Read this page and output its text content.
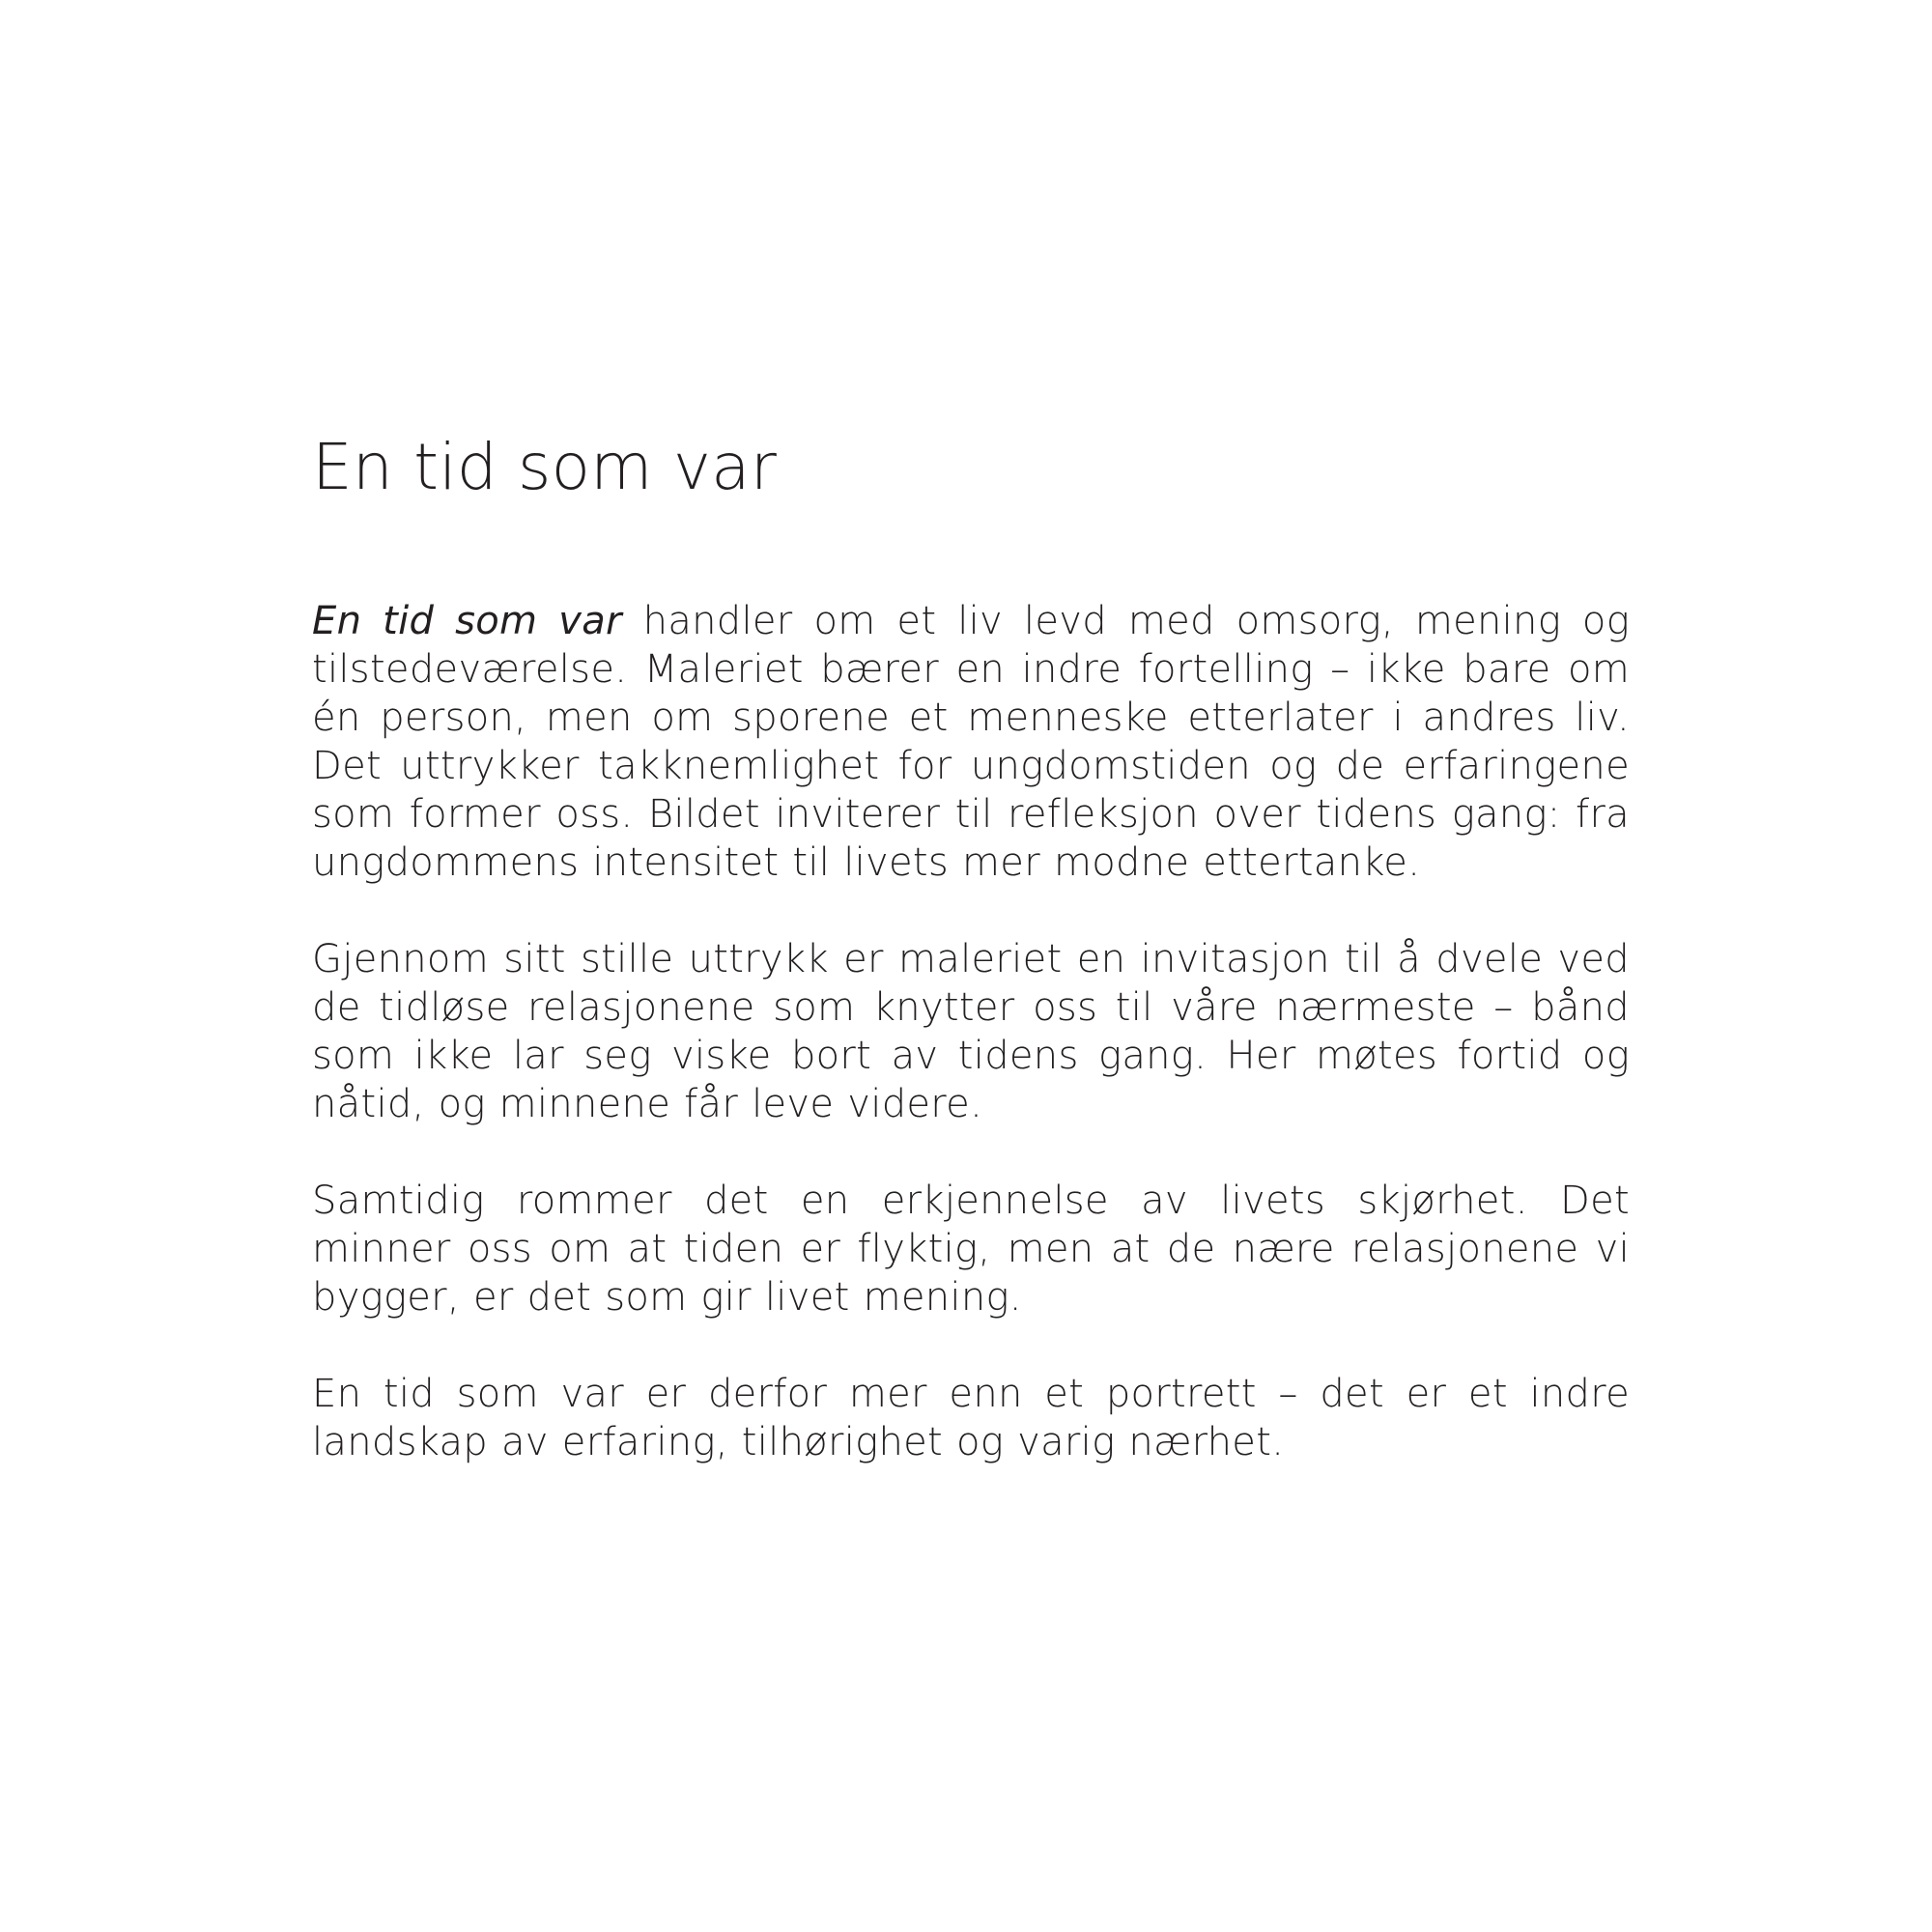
En tid som var

En tid som var handler om et liv levd med omsorg, mening og tilstedeværelse. Maleriet bærer en indre fortelling – ikke bare om én person, men om sporene et menneske etterlater i andres liv. Det uttrykker takknemlighet for ungdomstiden og de erfaringene som former oss. Bildet inviterer til refleksjon over tidens gang: fra ungdommens intensitet til livets mer modne ettertanke.

Gjennom sitt stille uttrykk er maleriet en invitasjon til å dvele ved de tidløse relasjonene som knytter oss til våre nærmeste – bånd som ikke lar seg viske bort av tidens gang. Her møtes fortid og nåtid, og minnene får leve videre.

Samtidig rommer det en erkjennelse av livets skjørhet. Det minner oss om at tiden er flyktig, men at de nære relasjonene vi bygger, er det som gir livet mening.

En tid som var er derfor mer enn et portrett – det er et indre landskap av erfaring, tilhørighet og varig nærhet.
